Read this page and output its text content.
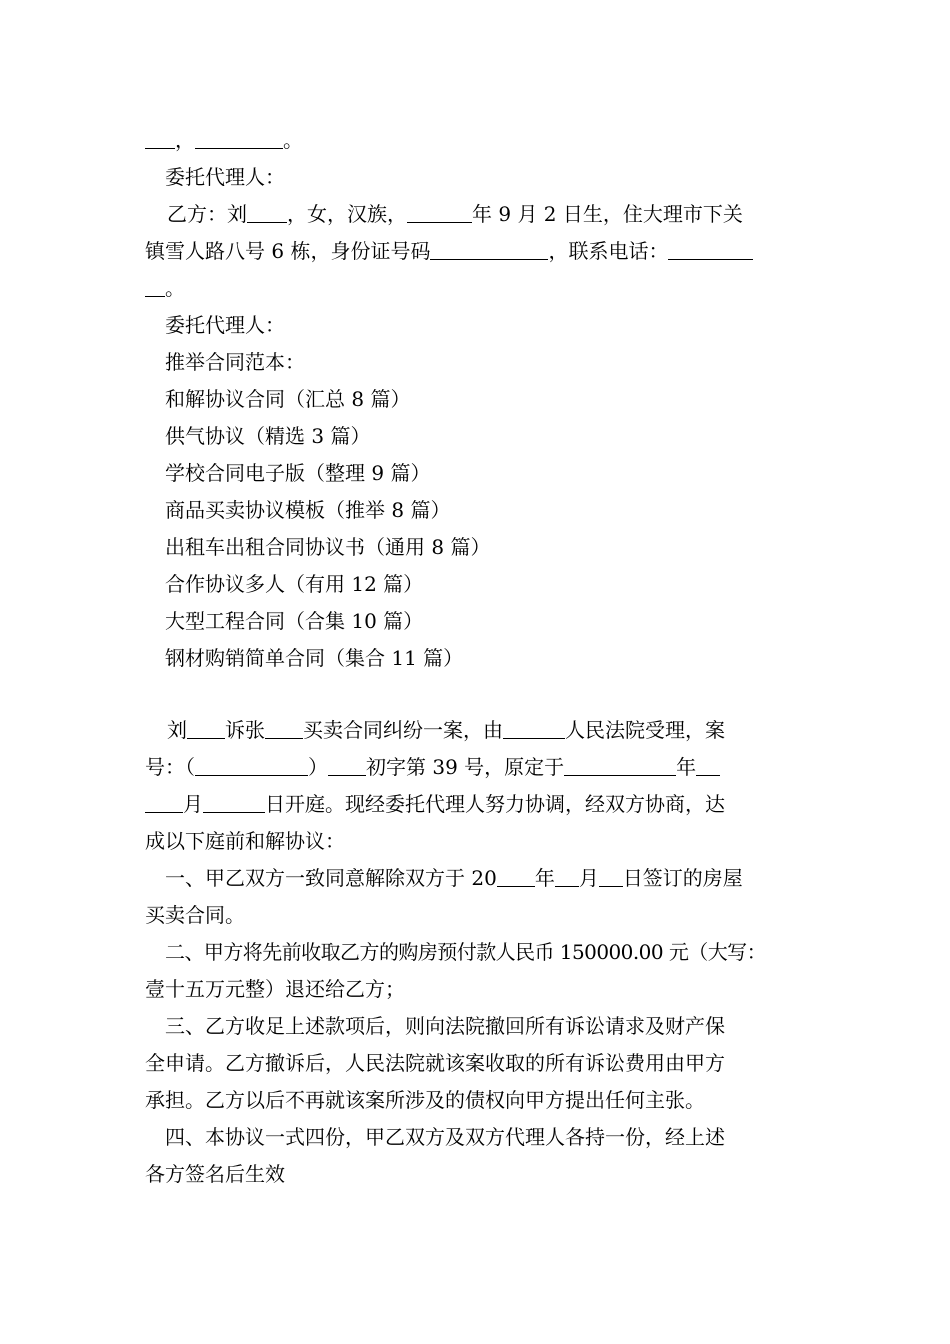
，	。

委托代理人：

乙方：刘 ，女，汉族，	年 9 月 2 日生，住大理市下关

镇雪人路八号 6 栋，身份证号码	，联系电话：

。

委托代理人：

推举合同范本：

和解协议合同（汇总 8 篇）

供气协议（精选 3 篇）

学校合同电子版（整理 9 篇）

商品买卖协议模板（推举 8 篇）

出租车出租合同协议书（通用 8 篇）

合作协议多人（有用 12 篇）

大型工程合同（合集 10 篇）

钢材购销简单合同（集合 11 篇）

刘 诉张 买卖合同纠纷一案，由	人民法院受理，案

号：（	） 初字第 39 号，原定于	年

月	日开庭。现经委托代理人努力协调，经双方协商，达

成以下庭前和解协议：

一、甲乙双方一致同意解除双方于 20 年 月 日签订的房屋

买卖合同。

二、甲方将先前收取乙方的购房预付款人民币 150000.00 元（大写：

壹十五万元整）退还给乙方；

三、乙方收足上述款项后，则向法院撤回所有诉讼请求及财产保

全申请。乙方撤诉后，人民法院就该案收取的所有诉讼费用由甲方

承担。乙方以后不再就该案所涉及的债权向甲方提出任何主张。

四、本协议一式四份，甲乙双方及双方代理人各持一份，经上述

各方签名后生效
